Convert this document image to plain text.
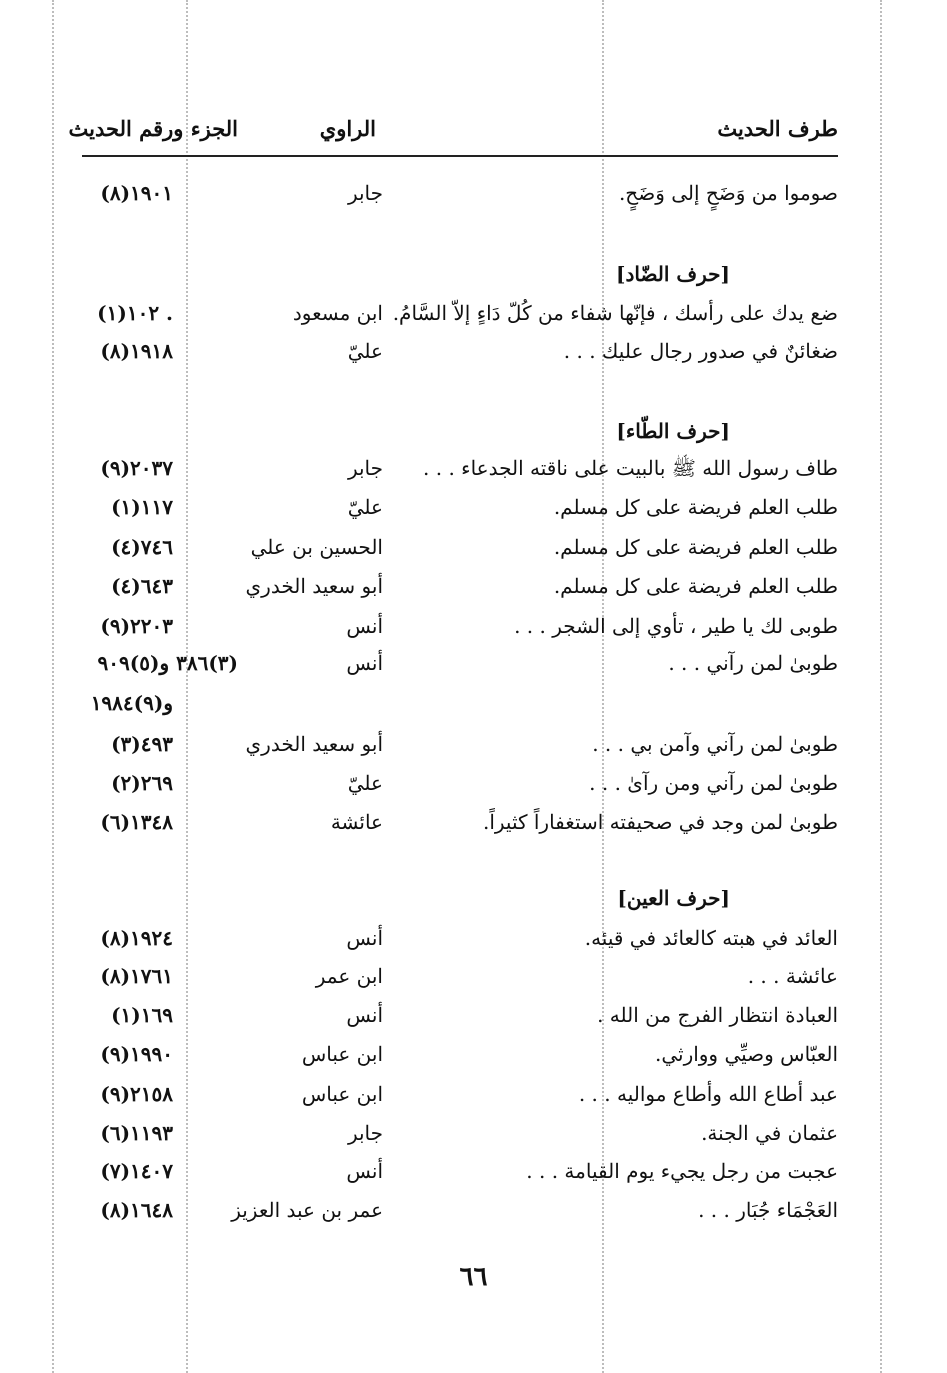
طرف الحديث
الراوي
الجزء ورقم الحديث
صوموا من وَضَحٍ إلى وَضَحٍ.
جابر
(٨)١٩٠١
[حرف الضّاد]
ضع يدك على رأسك ، فإنّها شفاء من كُلّ دَاءٍ إلاّ السَّامُ.
ابن مسعود
(١)١٠٢ .
ضغائنٌ في صدور رجال عليك . . .
عليّ
(٨)١٩١٨
[حرف الطّاء]
طاف رسول الله ﷺ بالبيت على ناقته الجدعاء . . .
جابر
(٩)٢٠٣٧
طلب العلم فريضة على كل مسلم.
عليّ
(١)١١٧
طلب العلم فريضة على كل مسلم.
الحسين بن علي
(٤)٧٤٦
طلب العلم فريضة على كل مسلم.
أبو سعيد الخدري
(٤)٦٤٣
طوبى لك يا طير ، تأوي إلى الشجر . . .
أنس
(٩)٢٢٠٣
طوبىٰ لمن رآني . . .
أنس
(٣)٣٨٦ و(٥)٩٠٩
و(٩)١٩٨٤
طوبىٰ لمن رآني وآمن بي . . .
أبو سعيد الخدري
(٣)٤٩٣
طوبىٰ لمن رآني ومن رآىٰ . . .
عليّ
(٢)٢٦٩
طوبىٰ لمن وجد في صحيفته استغفاراً كثيراً.
عائشة
(٦)١٣٤٨
[حرف العين]
العائد في هبته كالعائد في قيئه.
أنس
(٨)١٩٢٤
عائشة . . .
ابن عمر
(٨)١٧٦١
العبادة انتظار الفرج من الله .
أنس
(١)١٦٩
العبّاس وصيِّي ووارثي.
ابن عباس
(٩)١٩٩٠
عبد أطاع الله وأطاع مواليه . . .
ابن عباس
(٩)٢١٥٨
عثمان في الجنة.
جابر
(٦)١١٩٣
عجبت من رجل يجيء يوم القيامة . . .
أنس
(٧)١٤٠٧
العَجْمَاء جُبَار . . .
عمر بن عبد العزيز
(٨)١٦٤٨
٦٦
